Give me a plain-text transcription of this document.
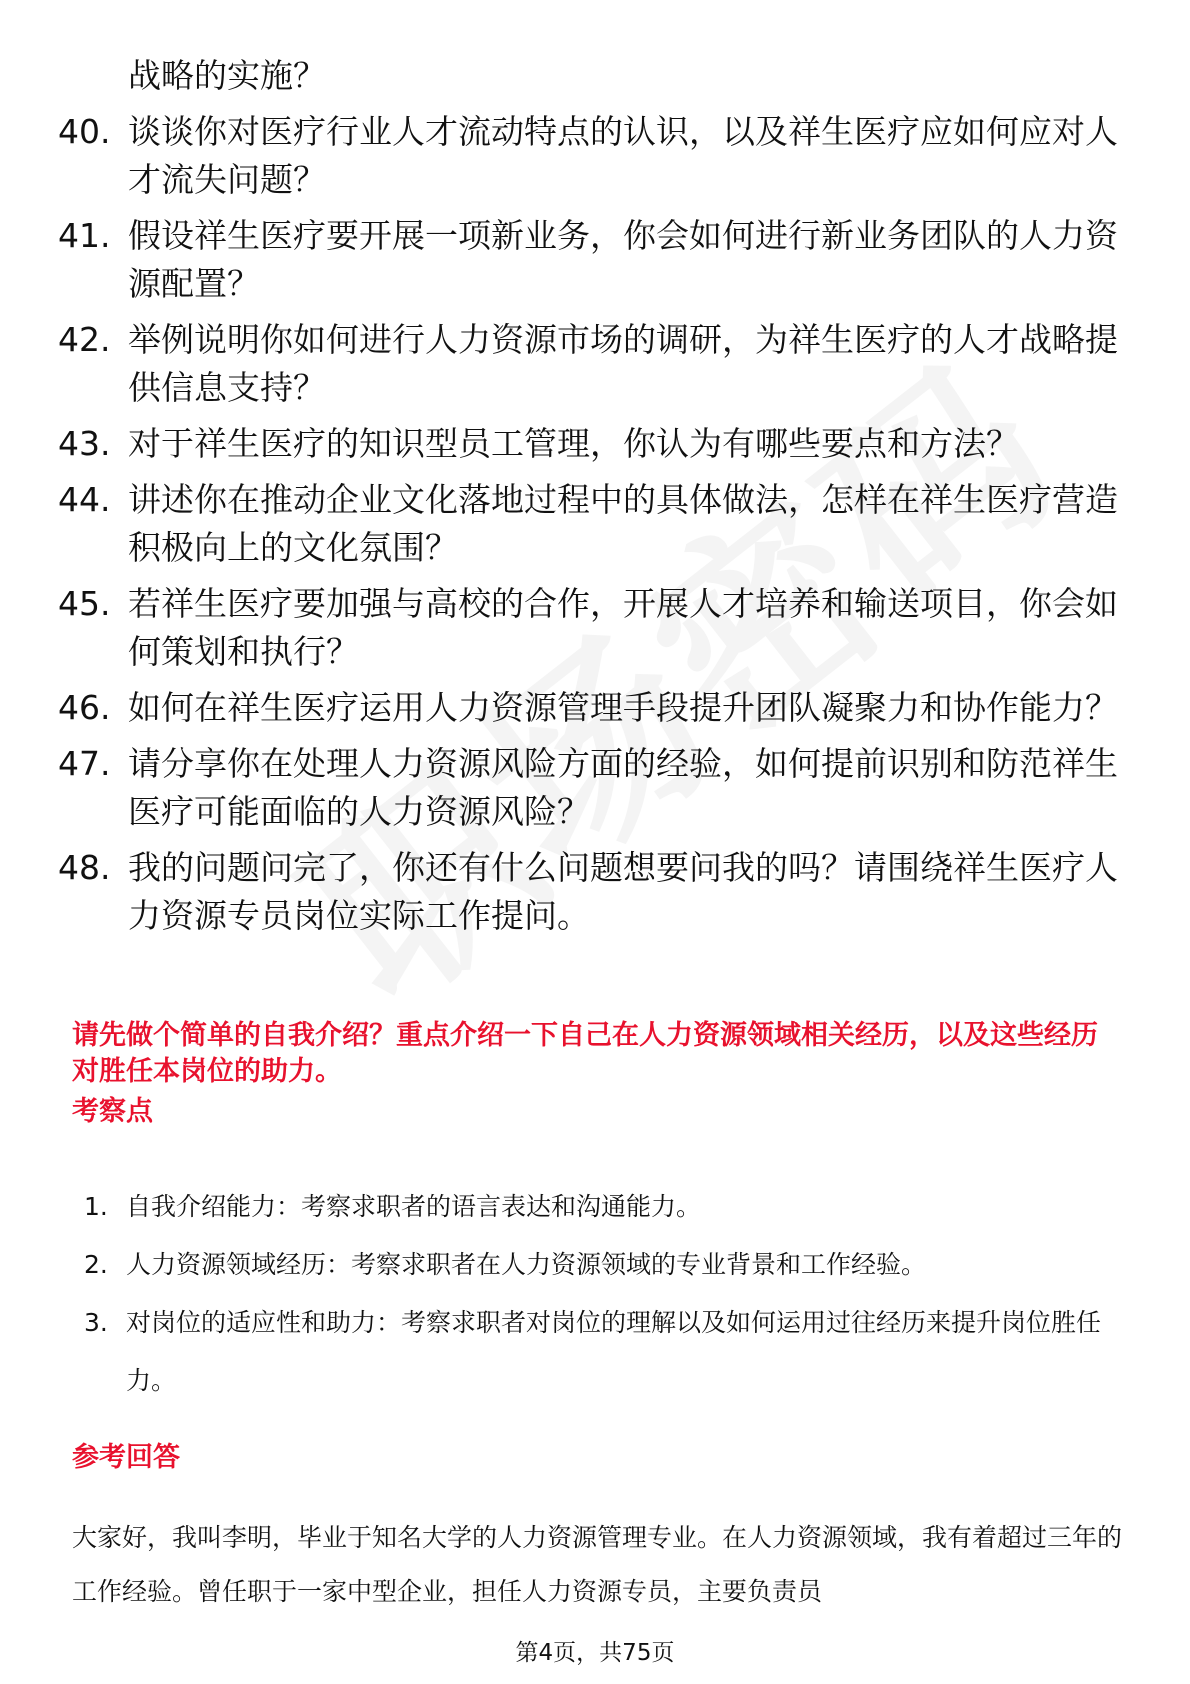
战略的实施？
40. 谈谈你对医疗行业人才流动特点的认识，以及祥生医疗应如何应对人才流失问题？
41. 假设祥生医疗要开展一项新业务，你会如何进行新业务团队的人力资源配置？
42. 举例说明你如何进行人力资源市场的调研，为祥生医疗的人才战略提供信息支持？
43. 对于祥生医疗的知识型员工管理，你认为有哪些要点和方法？
44. 讲述你在推动企业文化落地过程中的具体做法，怎样在祥生医疗营造积极向上的文化氛围？
45. 若祥生医疗要加强与高校的合作，开展人才培养和输送项目，你会如何策划和执行？
46. 如何在祥生医疗运用人力资源管理手段提升团队凝聚力和协作能力？
47. 请分享你在处理人力资源风险方面的经验，如何提前识别和防范祥生医疗可能面临的人力资源风险？
48. 我的问题问完了，你还有什么问题想要问我的吗？请围绕祥生医疗人力资源专员岗位实际工作提问。
请先做个简单的自我介绍？重点介绍一下自己在人力资源领域相关经历，以及这些经历对胜任本岗位的助力。
考察点
1. 自我介绍能力：考察求职者的语言表达和沟通能力。
2. 人力资源领域经历：考察求职者在人力资源领域的专业背景和工作经验。
3. 对岗位的适应性和助力：考察求职者对岗位的理解以及如何运用过往经历来提升岗位胜任力。
参考回答
大家好，我叫李明，毕业于知名大学的人力资源管理专业。在人力资源领域，我有着超过三年的工作经验。曾任职于一家中型企业，担任人力资源专员，主要负责员
第4页，共75页
